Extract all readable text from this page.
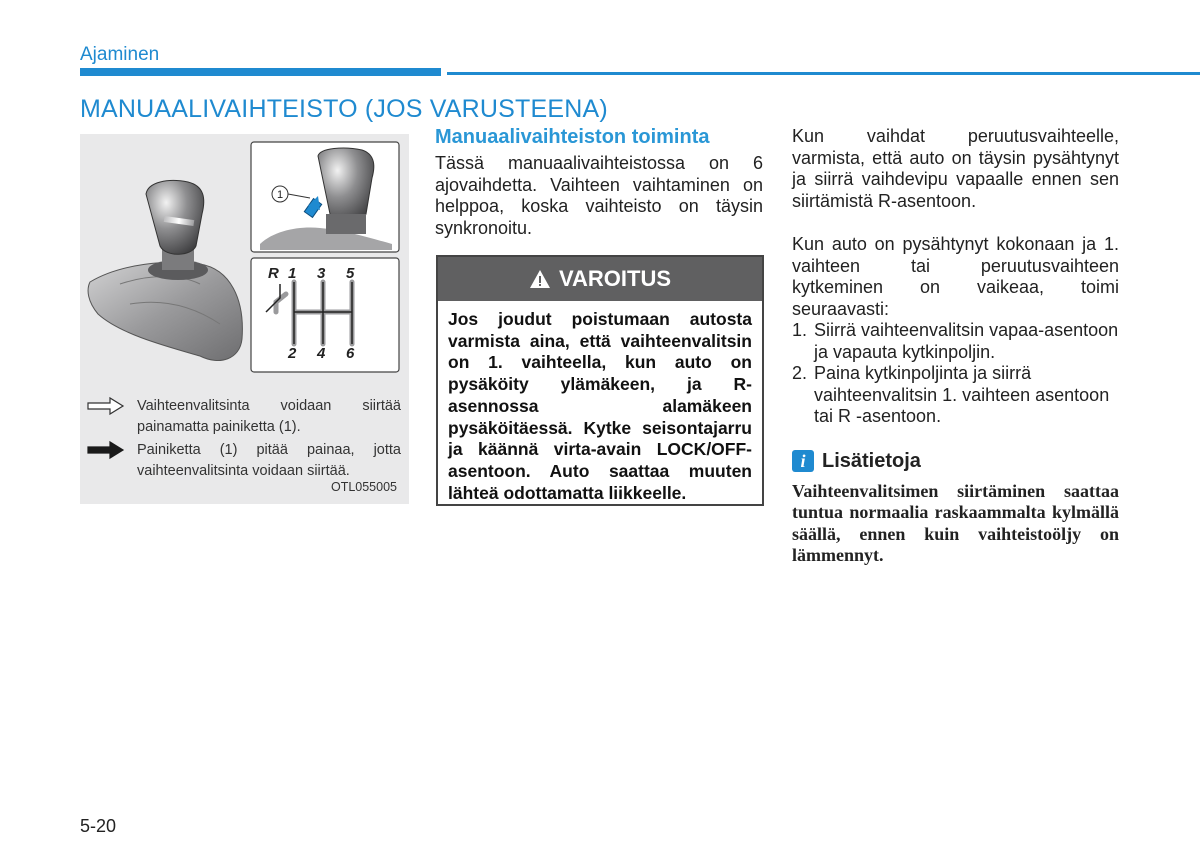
Ajaminen
MANUAALIVAIHTEISTO (JOS VARUSTEENA)
1
R 1 3 5
2 4 6
Vaihteenvalitsinta voidaan siirtää painamatta painiketta (1).
Painiketta (1) pitää painaa, jotta vaihteenvalitsinta voidaan siirtää.
OTL055005
Manuaalivaihteiston toiminta

Tässä manuaalivaihteistossa on 6 ajovaihdetta. Vaihteen vaihtaminen on helppoa, koska vaihteisto on täysin synkronoitu.

VAROITUS
Jos joudut poistumaan autosta varmista aina, että vaihteenvalitsin on 1. vaihteella, kun auto on pysäköity ylämäkeen, ja R-asennossa alamäkeen pysäköitäessä. Kytke seisontajarru ja käännä virta-avain LOCK/OFF-asentoon. Auto saattaa muuten lähteä odottamatta liikkeelle.

Kun vaihdat peruutusvaihteelle, varmista, että auto on täysin pysähtynyt ja siirrä vaihdevipu vapaalle ennen sen siirtämistä R-asentoon.

Kun auto on pysähtynyt kokonaan ja 1. vaihteen tai peruutusvaihteen kytkeminen on vaikeaa, toimi seuraavasti:

1. Siirrä vaihteenvalitsin vapaa-asentoon ja vapauta kytkinpoljin.
2. Paina kytkinpoljinta ja siirrä vaihteenvalitsin 1. vaihteen asentoon tai R -asentoon.
i Lisätietoja
Vaihteenvalitsimen siirtäminen saattaa tuntua normaalia raskaammalta kylmällä säällä, ennen kuin vaihteistoöljy on lämmennyt.
5-20
